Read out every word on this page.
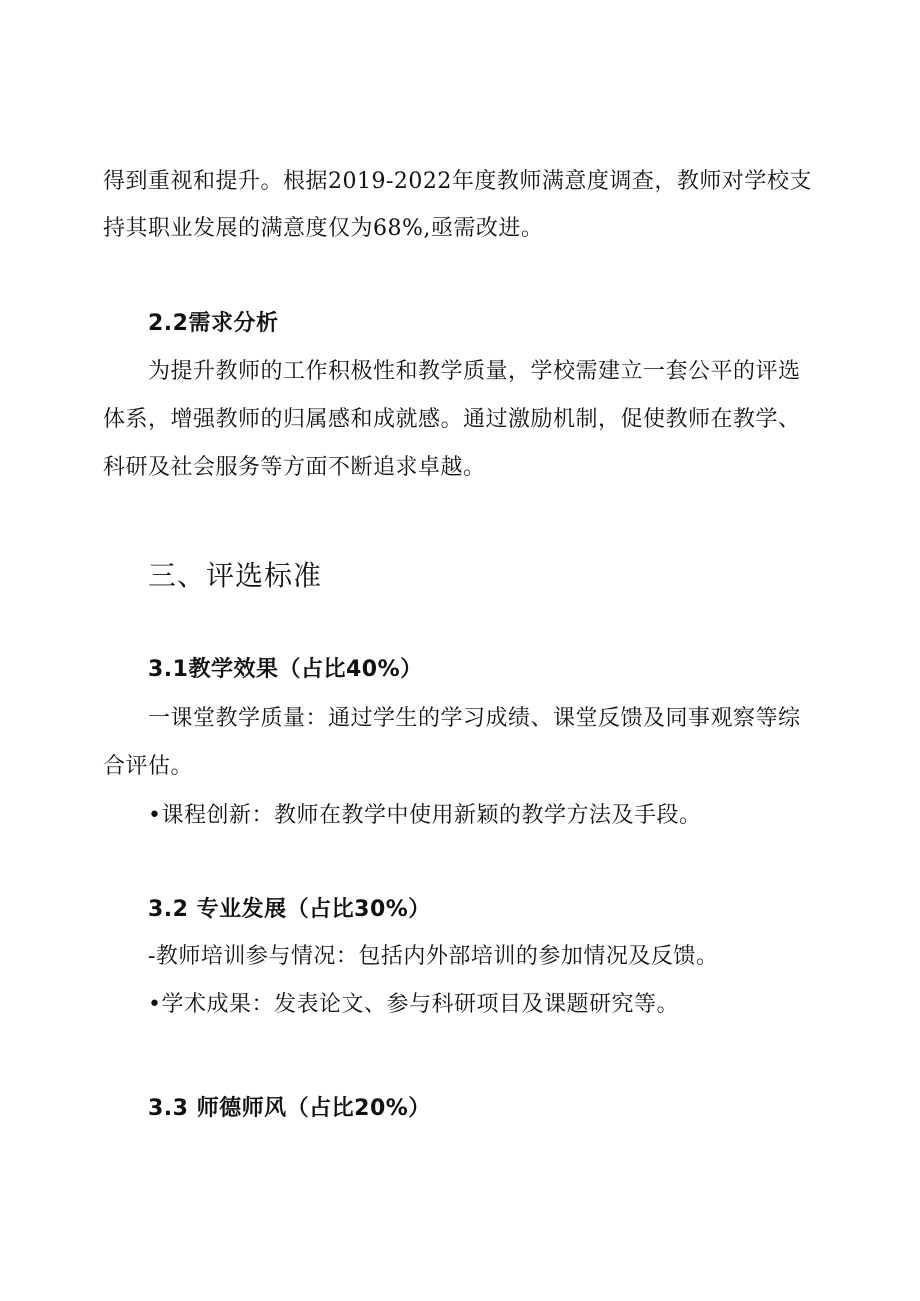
得到重视和提升。根据2019-2022年度教师满意度调查，教师对学校支
持其职业发展的满意度仅为68%,亟需改进。
2.2需求分析
为提升教师的工作积极性和教学质量，学校需建立一套公平的评选
体系，增强教师的归属感和成就感。通过激励机制，促使教师在教学、
科研及社会服务等方面不断追求卓越。
三、评选标准
3.1教学效果（占比40%）
一课堂教学质量：通过学生的学习成绩、课堂反馈及同事观察等综
合评估。
•课程创新：教师在教学中使用新颖的教学方法及手段。
3.2 专业发展（占比30%）
-教师培训参与情况：包括内外部培训的参加情况及反馈。
•学术成果：发表论文、参与科研项目及课题研究等。
3.3 师德师风（占比20%）
